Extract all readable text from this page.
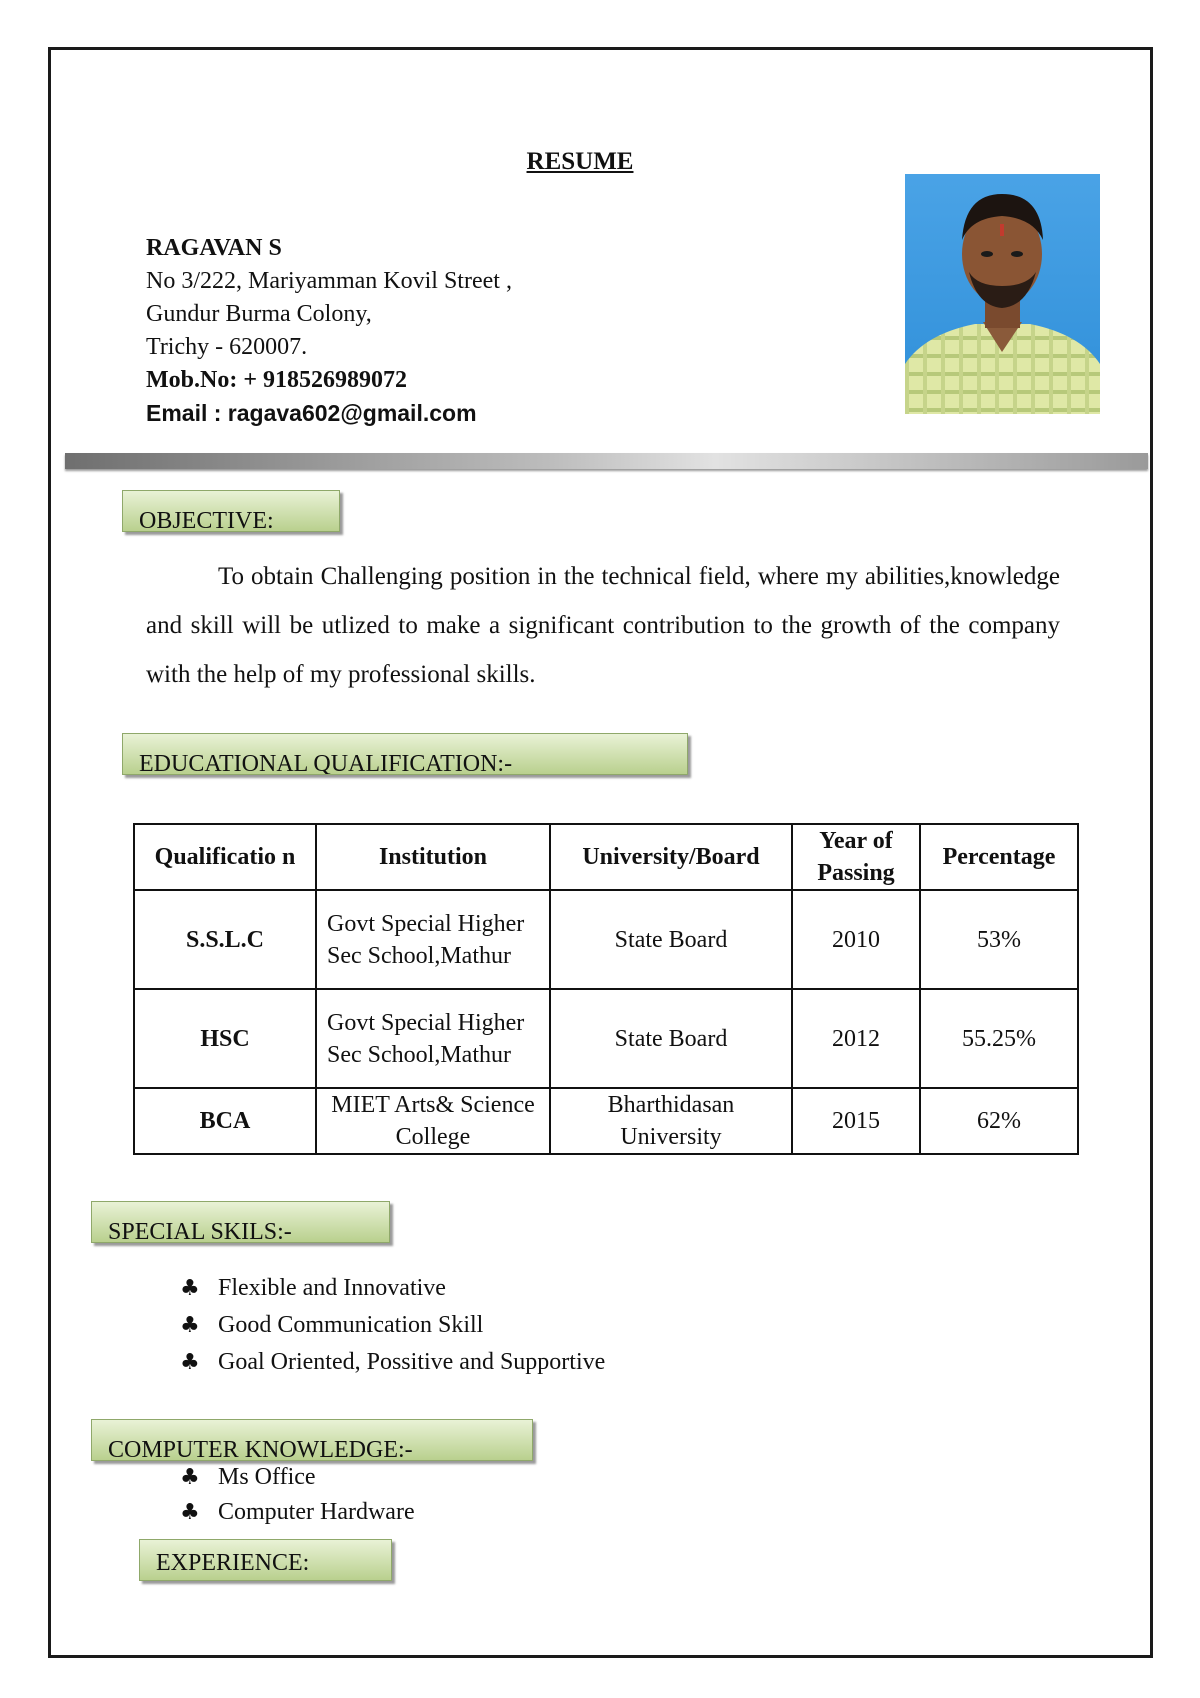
RESUME
RAGAVAN S
No 3/222, Mariyamman Kovil Street ,
Gundur Burma Colony,
Trichy - 620007.
Mob.No: + 918526989072
Email : ragava602@gmail.com
OBJECTIVE:
To obtain Challenging position in the technical field, where my abilities,knowledge and skill will be utlized to make a significant contribution to the growth of the company with the help of my professional skills.
EDUCATIONAL QUALIFICATION:-
Qualificatio n	Institution	University/Board	Year of Passing	Percentage
S.S.L.C	Govt Special Higher Sec School,Mathur	State Board	2010	53%
HSC	Govt Special Higher Sec School,Mathur	State Board	2012	55.25%
BCA	MIET Arts& Science College	Bharthidasan University	2015	62%
SPECIAL SKILS:-
♣ Flexible and Innovative
♣ Good Communication Skill
♣ Goal Oriented, Possitive and Supportive
COMPUTER KNOWLEDGE:-
♣ Ms Office
♣ Computer Hardware
EXPERIENCE:
